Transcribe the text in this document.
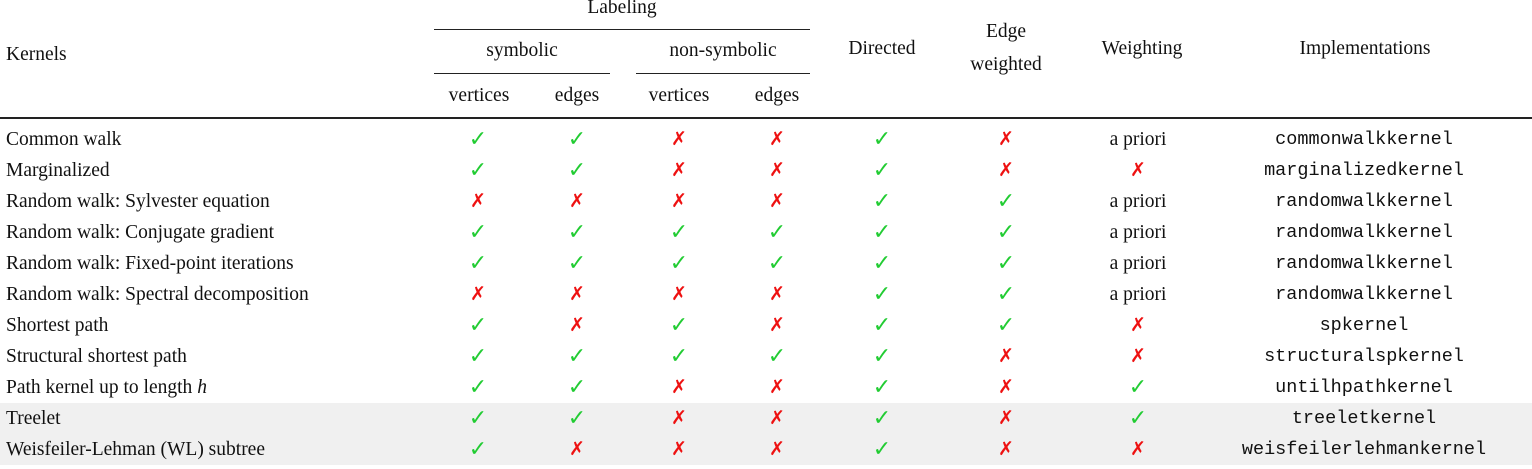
Kernels
Labeling
symbolic	non-symbolic
vertices	edges	vertices	edges
Directed
Edge
weighted
Weighting	Implementations
Common walk	✓	✓	✗	✗	✓	✗	a priori	commonwalkkernel
Marginalized	✓	✓	✗	✗	✓	✗	✗	marginalizedkernel
Random walk: Sylvester equation	✗	✗	✗	✗	✓	✓	a priori	randomwalkkernel
Random walk: Conjugate gradient	✓	✓	✓	✓	✓	✓	a priori	randomwalkkernel
Random walk: Fixed-point iterations	✓	✓	✓	✓	✓	✓	a priori	randomwalkkernel
Random walk: Spectral decomposition	✗	✗	✗	✗	✓	✓	a priori	randomwalkkernel
Shortest path	✓	✗	✓	✗	✓	✓	✗	spkernel
Structural shortest path	✓	✓	✓	✓	✓	✗	✗	structuralspkernel
Path kernel up to length h	✓	✓	✗	✗	✓	✗	✓	untilhpathkernel
Treelet	✓	✓	✗	✗	✓	✗	✓	treeletkernel
Weisfeiler-Lehman (WL) subtree	✓	✗	✗	✗	✓	✗	✗	weisfeilerlehmankernel
